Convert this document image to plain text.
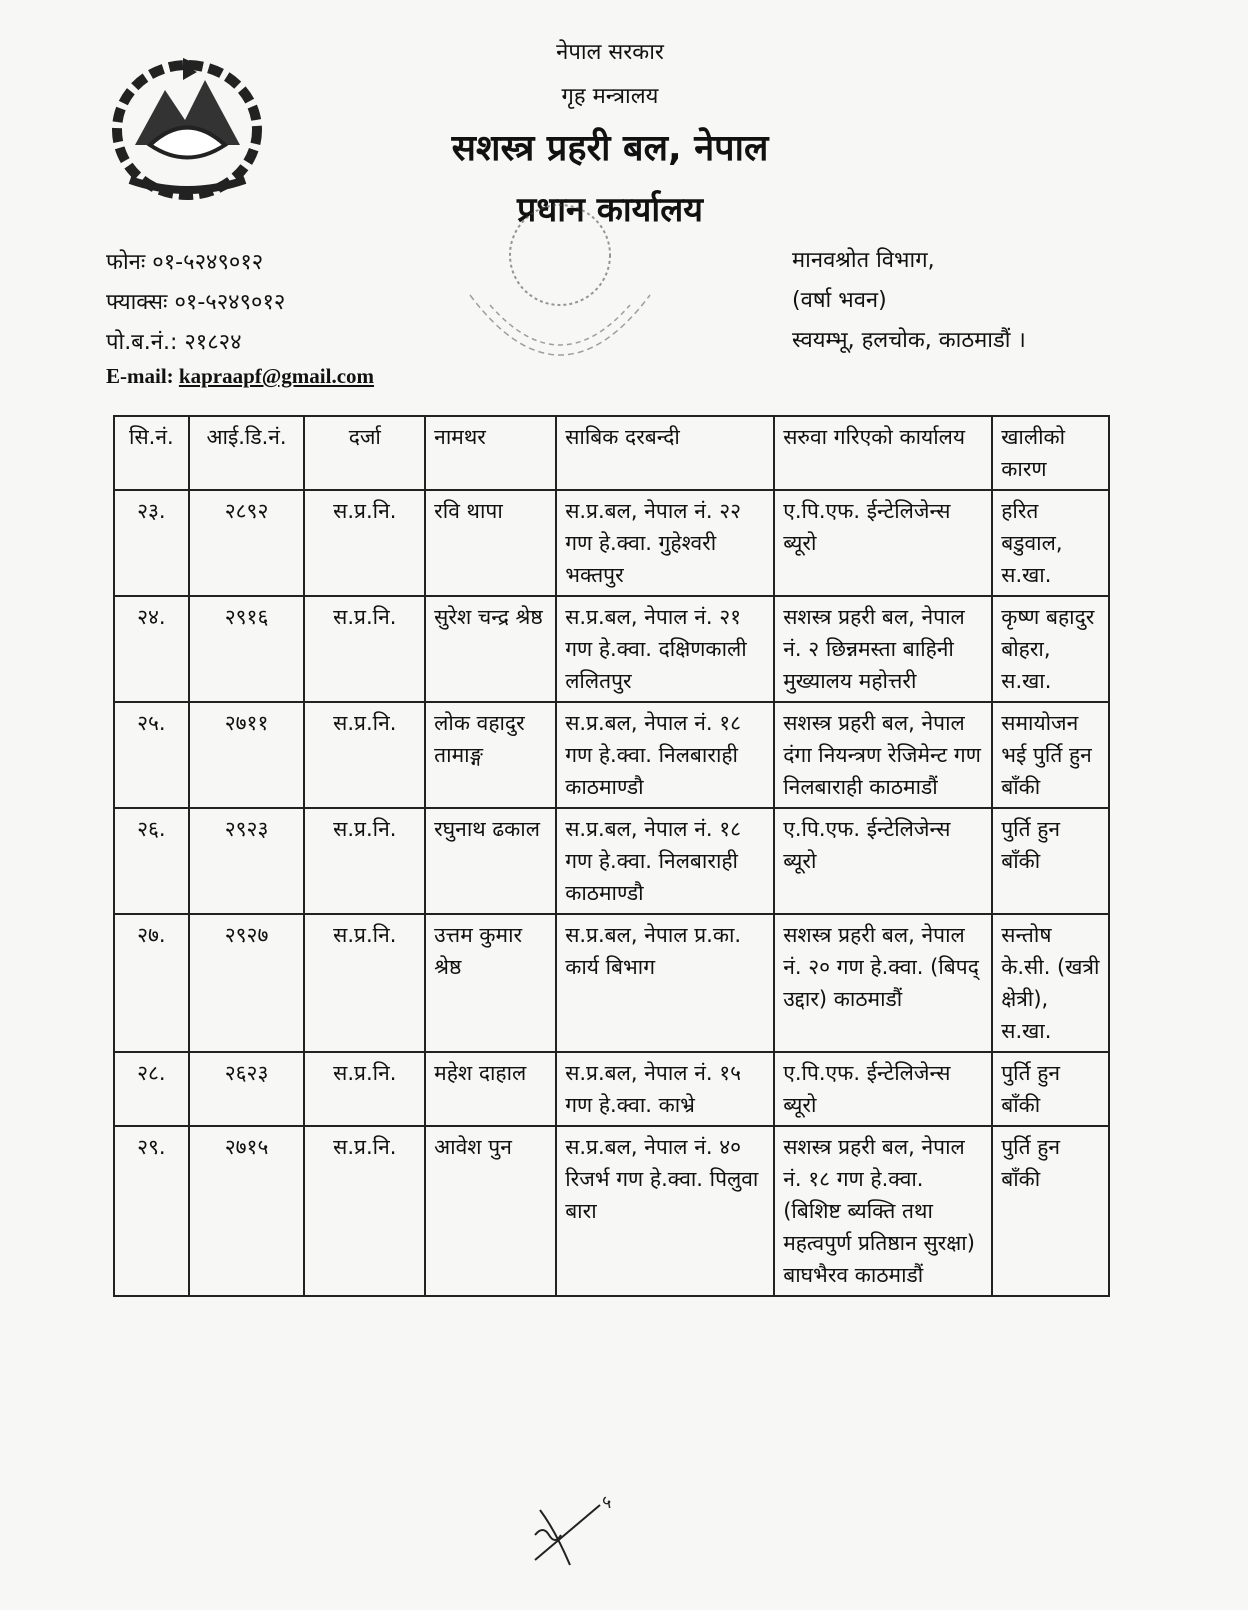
नेपाल सरकार
गृह मन्त्रालय
सशस्त्र प्रहरी बल, नेपाल
प्रधान कार्यालय
फोनः ०१-५२४९०१२
फ्याक्सः ०१-५२४९०१२
पो.ब.नं.: २१८२४
E-mail: kapraapf@gmail.com
मानवश्रोत विभाग,
(वर्षा भवन)
स्वयम्भू, हलचोक, काठमाडौं ।
सि.नं.	आई.डि.नं.	दर्जा	नामथर	साबिक दरबन्दी	सरुवा गरिएको कार्यालय	खालीको कारण
२३.	२८९२	स.प्र.नि.	रवि थापा	स.प्र.बल, नेपाल नं. २२ गण हे.क्वा. गुहेश्वरी भक्तपुर	ए.पि.एफ. ईन्टेलिजेन्स ब्यूरो	हरित बडुवाल, स.खा.
२४.	२९१६	स.प्र.नि.	सुरेश चन्द्र श्रेष्ठ	स.प्र.बल, नेपाल नं. २१ गण हे.क्वा. दक्षिणकाली ललितपुर	सशस्त्र प्रहरी बल, नेपाल नं. २ छिन्नमस्ता बाहिनी मुख्यालय महोत्तरी	कृष्ण बहादुर बोहरा, स.खा.
२५.	२७११	स.प्र.नि.	लोक वहादुर तामाङ्ग	स.प्र.बल, नेपाल नं. १८ गण हे.क्वा. निलबाराही काठमाण्डौ	सशस्त्र प्रहरी बल, नेपाल दंगा नियन्त्रण रेजिमेन्ट गण निलबाराही काठमाडौं	समायोजन भई पुर्ति हुन बाँकी
२६.	२९२३	स.प्र.नि.	रघुनाथ ढकाल	स.प्र.बल, नेपाल नं. १८ गण हे.क्वा. निलबाराही काठमाण्डौ	ए.पि.एफ. ईन्टेलिजेन्स ब्यूरो	पुर्ति हुन बाँकी
२७.	२९२७	स.प्र.नि.	उत्तम कुमार श्रेष्ठ	स.प्र.बल, नेपाल प्र.का. कार्य बिभाग	सशस्त्र प्रहरी बल, नेपाल नं. २० गण हे.क्वा. (बिपद् उद्दार) काठमाडौं	सन्तोष के.सी. (खत्री क्षेत्री), स.खा.
२८.	२६२३	स.प्र.नि.	महेश दाहाल	स.प्र.बल, नेपाल नं. १५ गण हे.क्वा. काभ्रे	ए.पि.एफ. ईन्टेलिजेन्स ब्यूरो	पुर्ति हुन बाँकी
२९.	२७१५	स.प्र.नि.	आवेश पुन	स.प्र.बल, नेपाल नं. ४० रिजर्भ गण हे.क्वा. पिलुवा बारा	सशस्त्र प्रहरी बल, नेपाल नं. १८ गण हे.क्वा. (बिशिष्ट ब्यक्ति तथा महत्वपुर्ण प्रतिष्ठान सुरक्षा) बाघभैरव काठमाडौं	पुर्ति हुन बाँकी
५
